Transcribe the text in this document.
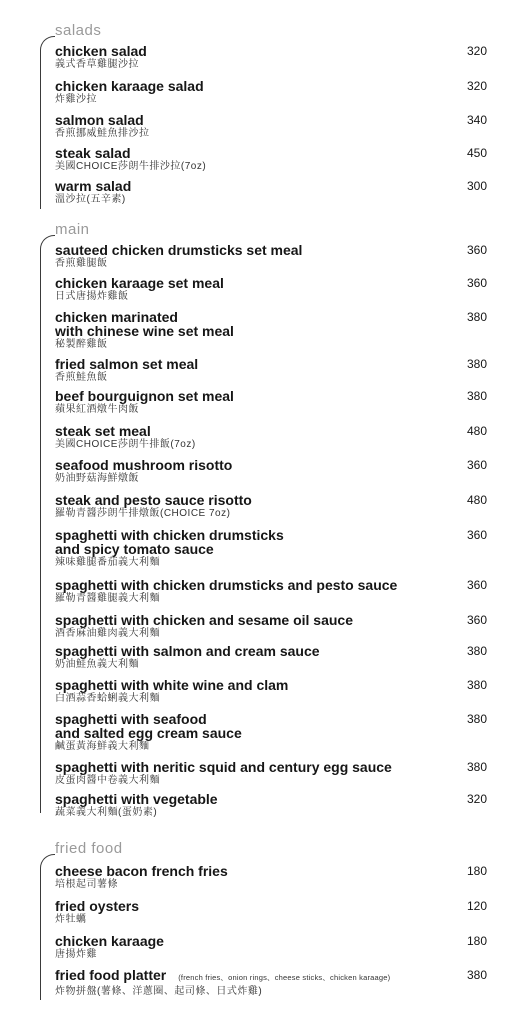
salads
chicken salad
義式香草雞腿沙拉
320
chicken karaage salad
炸雞沙拉
320
salmon salad
香煎挪威鮭魚排沙拉
340
steak salad
美國CHOICE莎朗牛排沙拉(7oz)
450
warm salad
溫沙拉(五辛素)
300
main
sauteed chicken drumsticks set meal
香煎雞腿飯
360
chicken karaage set meal
日式唐揚炸雞飯
360
chicken marinated
with chinese wine set meal
秘製醉雞飯
380
fried salmon set meal
香煎鮭魚飯
380
beef bourguignon set meal
蘋果紅酒燉牛肉飯
380
steak set meal
美國CHOICE莎朗牛排飯(7oz)
480
seafood mushroom risotto
奶油野菇海鮮燉飯
360
steak and pesto sauce risotto
羅勒青醬莎朗牛排燉飯(CHOICE 7oz)
480
spaghetti with chicken drumsticks
and spicy tomato sauce
辣味雞腿番茄義大利麵
360
spaghetti with chicken drumsticks and pesto sauce
羅勒青醬雞腿義大利麵
360
spaghetti with chicken and sesame oil sauce
酒香麻油雞肉義大利麵
360
spaghetti with salmon and cream sauce
奶油鮭魚義大利麵
380
spaghetti with white wine and clam
白酒蒜香蛤蜊義大利麵
380
spaghetti with seafood
and salted egg cream sauce
鹹蛋黃海鮮義大利麵
380
spaghetti with neritic squid and century egg sauce
皮蛋肉醬中卷義大利麵
380
spaghetti with vegetable
蔬菜義大利麵(蛋奶素)
320
fried food
cheese bacon french fries
培根起司薯條
180
fried oysters
炸牡蠣
120
chicken karaage
唐揚炸雞
180
fried food platter (french fries、onion rings、cheese sticks、chicken karaage)
炸物拼盤(薯條、洋蔥圈、起司條、日式炸雞)
380
